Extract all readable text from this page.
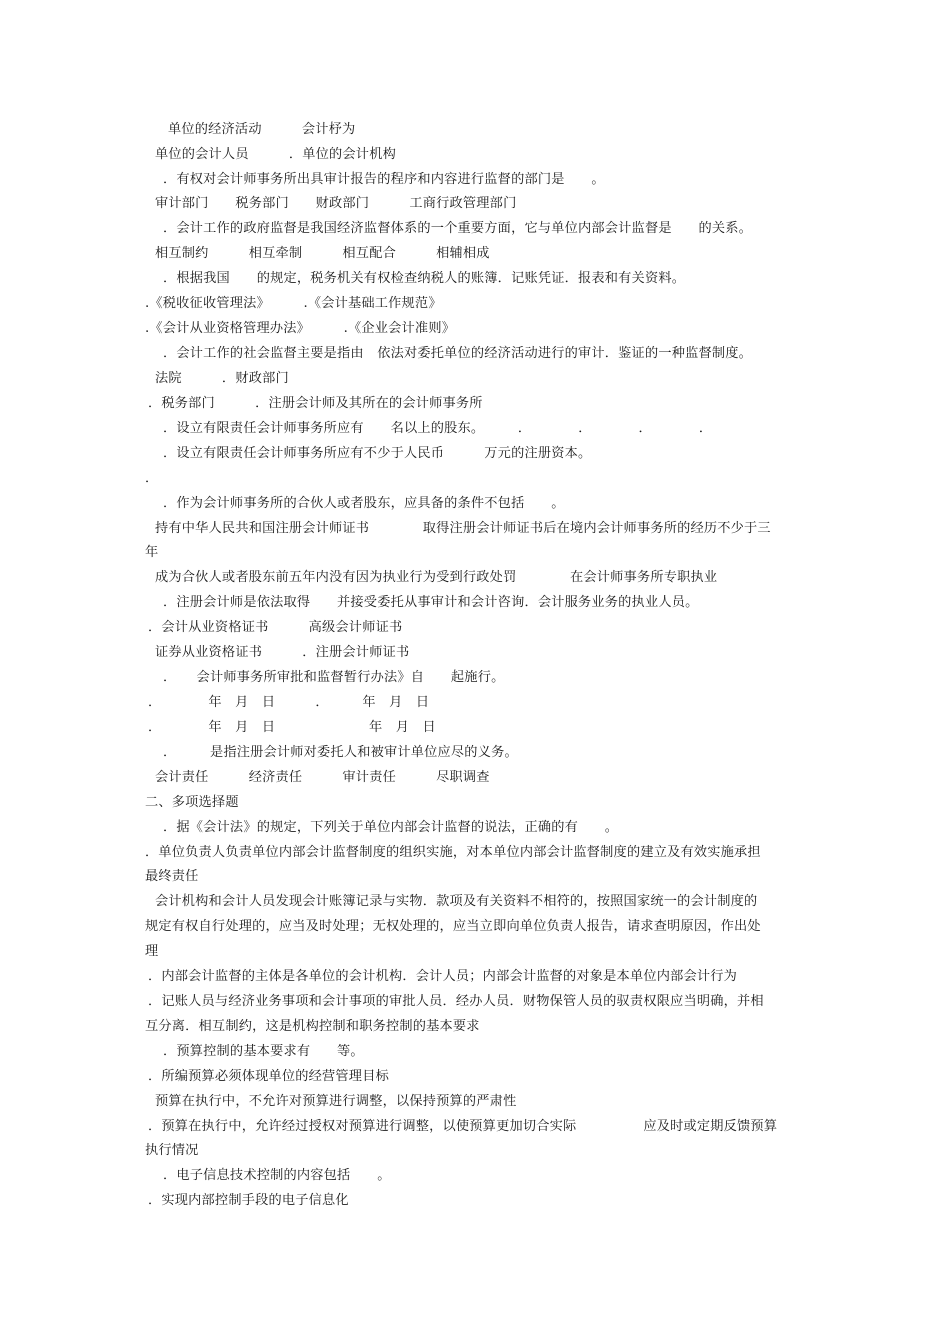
单位的经济活动　　　会计杼为
单位的会计人员　　　．单位的会计机构
．有权对会计师事务所出具审计报告的程序和内容进行监督的部门是　　。
审计部门　　税务部门　　财政部门　　　工商行政管理部门
．会计工作的政府监督是我国经济监督体系的一个重要方面，它与单位内部会计监督是　　的关系。
相互制约　　　相互牵制　　　相互配合　　　相辅相成
．根据我国　　的规定，税务机关有权检查纳税人的账簿．记账凭证．报表和有关资料。
.《税收征收管理法》　　　.《会计基础工作规范》
.《会计从业资格管理办法》　　　.《企业会计准则》
．会计工作的社会监督主要是指由　依法对委托单位的经济活动进行的审计．鉴证的一种监督制度。
法院　　　．财政部门
．税务部门　　　．注册会计师及其所在的会计师事务所
．设立有限责任会计师事务所应有　　名以上的股东。　　　．　　　　．　　　　．　　　　．
．设立有限责任会计师事务所应有不少于人民币　　　万元的注册资本。
．
．作为会计师事务所的合伙人或者股东，应具备的条件不包括　　。
持有中华人民共和国注册会计师证书　　　　取得注册会计师证书后在境内会计师事务所的经历不少于三
年
成为合伙人或者股东前五年内没有因为执业行为受到行政处罚　　　　在会计师事务所专职执业
．注册会计师是依法取得　　并接受委托从事审计和会计咨询．会计服务业务的执业人员。
．会计从业资格证书　　　高级会计师证书
证券从业资格证书　　　．注册会计师证书
．　　会计师事务所审批和监督暂行办法》自　　起施行。
．　　　　年　月　日　　　．　　　年　月　日
．　　　　年　月　日　　　　　　　年　月　日
．　　　是指注册会计师对委托人和被审计单位应尽的义务。
会计责任　　　经济责任　　　审计责任　　　尽职调查
二、多项选择题
．据《会计法》的规定，下列关于单位内部会计监督的说法，正确的有　　。
．单位负责人负责单位内部会计监督制度的组织实施，对本单位内部会计监督制度的建立及有效实施承担
最终责任
会计机构和会计人员发现会计账簿记录与实物．款项及有关资料不相符的，按照国家统一的会计制度的
规定有权自行处理的，应当及时处理；无权处理的，应当立即向单位负责人报告，请求查明原因，作出处
理
．内部会计监督的主体是各单位的会计机构．会计人员；内部会计监督的对象是本单位内部会计行为
．记账人员与经济业务事项和会计事项的审批人员．经办人员．财物保管人员的驭责权限应当明确，并相
互分离．相互制约，这是机构控制和职务控制的基本要求
．预算控制的基本要求有　　等。
．所编预算必须体现单位的经营管理目标
预算在执行中，不允许对预算进行调整，以保持预算的严肃性
．预算在执行中，允许经过授权对预算进行调整，以使预算更加切合实际　　　　　应及时或定期反馈预算
执行情况
．电子信息技术控制的内容包括　　。
．实现内部控制手段的电子信息化
